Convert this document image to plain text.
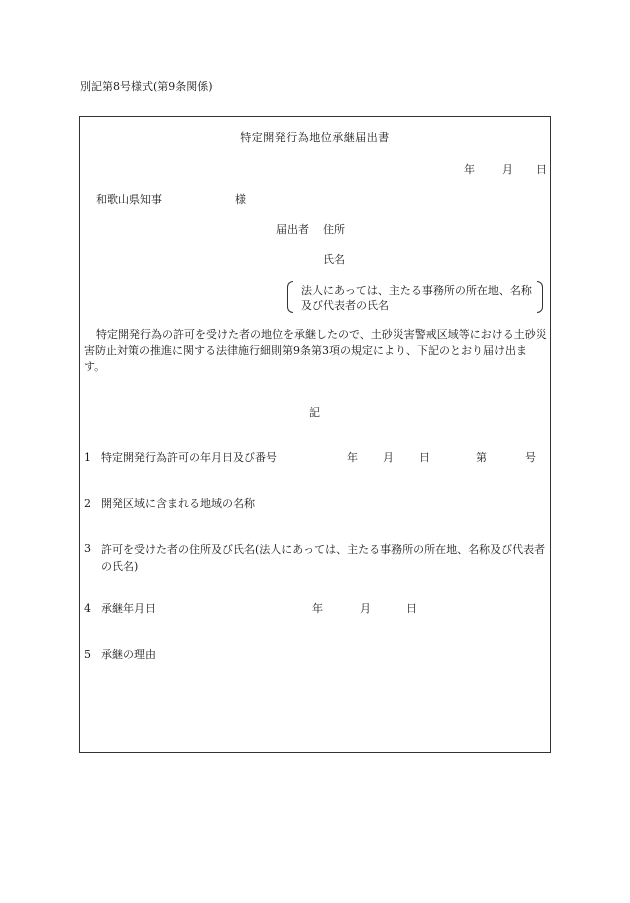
別記第8号様式(第9条関係)
特定開発行為地位承継届出書
年 月 日
和歌山県知事	様
届出者 住所
氏名
法人にあっては、主たる事務所の所在地、名称及び代表者の氏名
特定開発行為の許可を受けた者の地位を承継したので、土砂災害警戒区域等における土砂災害防止対策の推進に関する法律施行細則第9条第3項の規定により、下記のとおり届け出ます。
記
1 特定開発行為許可の年月日及び番号	年 月 日	第	号
2 開発区域に含まれる地域の名称
3 許可を受けた者の住所及び氏名(法人にあっては、主たる事務所の所在地、名称及び代表者の氏名)
4 承継年月日	年	月	日
5 承継の理由
